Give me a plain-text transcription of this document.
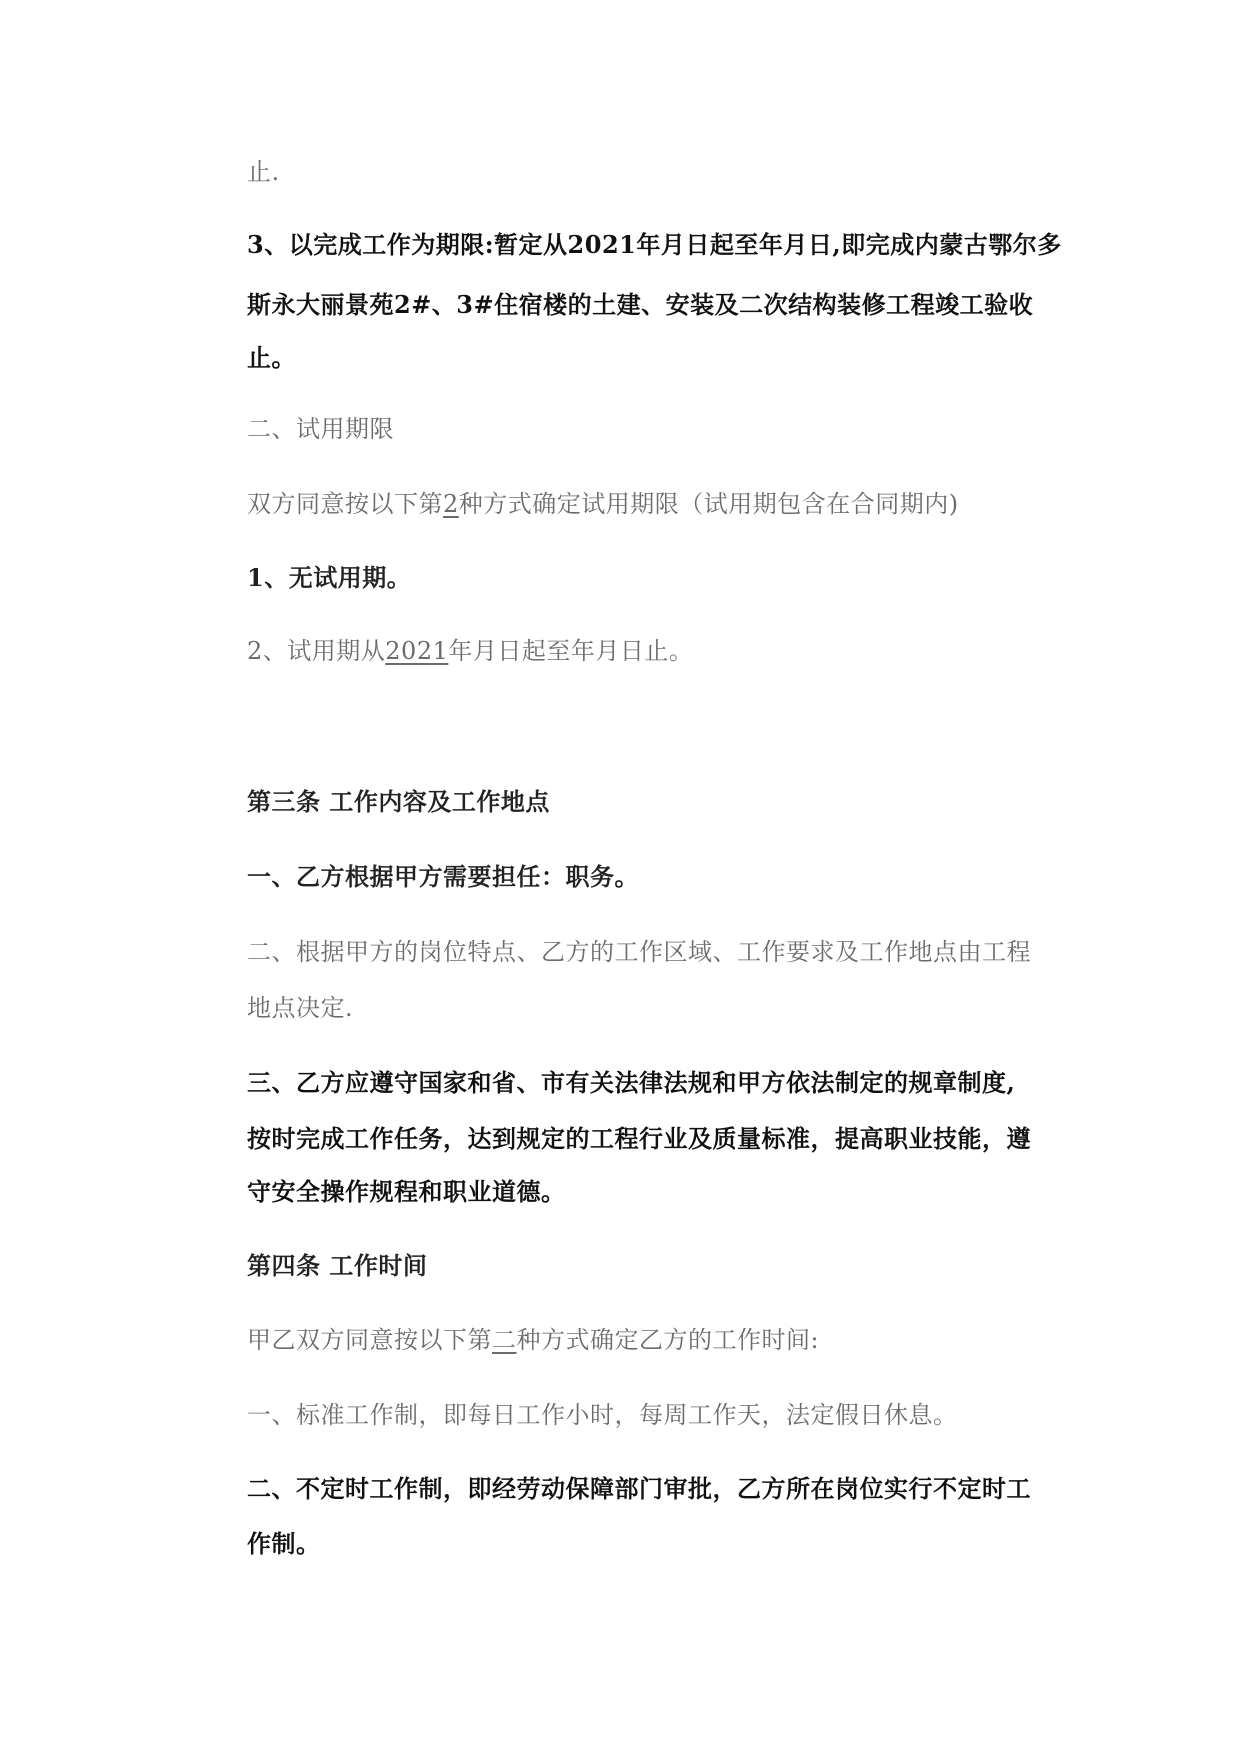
止.
3、以完成工作为期限:暂定从2021年月日起至年月日,即完成内蒙古鄂尔多
斯永大丽景苑2#、3#住宿楼的土建、安装及二次结构装修工程竣工验收
止。
二、试用期限
双方同意按以下第2种方式确定试用期限（试用期包含在合同期内)
1、无试用期。
2、试用期从2021年月日起至年月日止。
第三条 工作内容及工作地点
一、乙方根据甲方需要担任：职务。
二、根据甲方的岗位特点、乙方的工作区域、工作要求及工作地点由工程
地点决定.
三、乙方应遵守国家和省、市有关法律法规和甲方依法制定的规章制度,
按时完成工作任务，达到规定的工程行业及质量标准，提高职业技能，遵
守安全操作规程和职业道德。
第四条 工作时间
甲乙双方同意按以下第二种方式确定乙方的工作时间:
一、标准工作制，即每日工作小时，每周工作天，法定假日休息。
二、不定时工作制，即经劳动保障部门审批，乙方所在岗位实行不定时工
作制。
